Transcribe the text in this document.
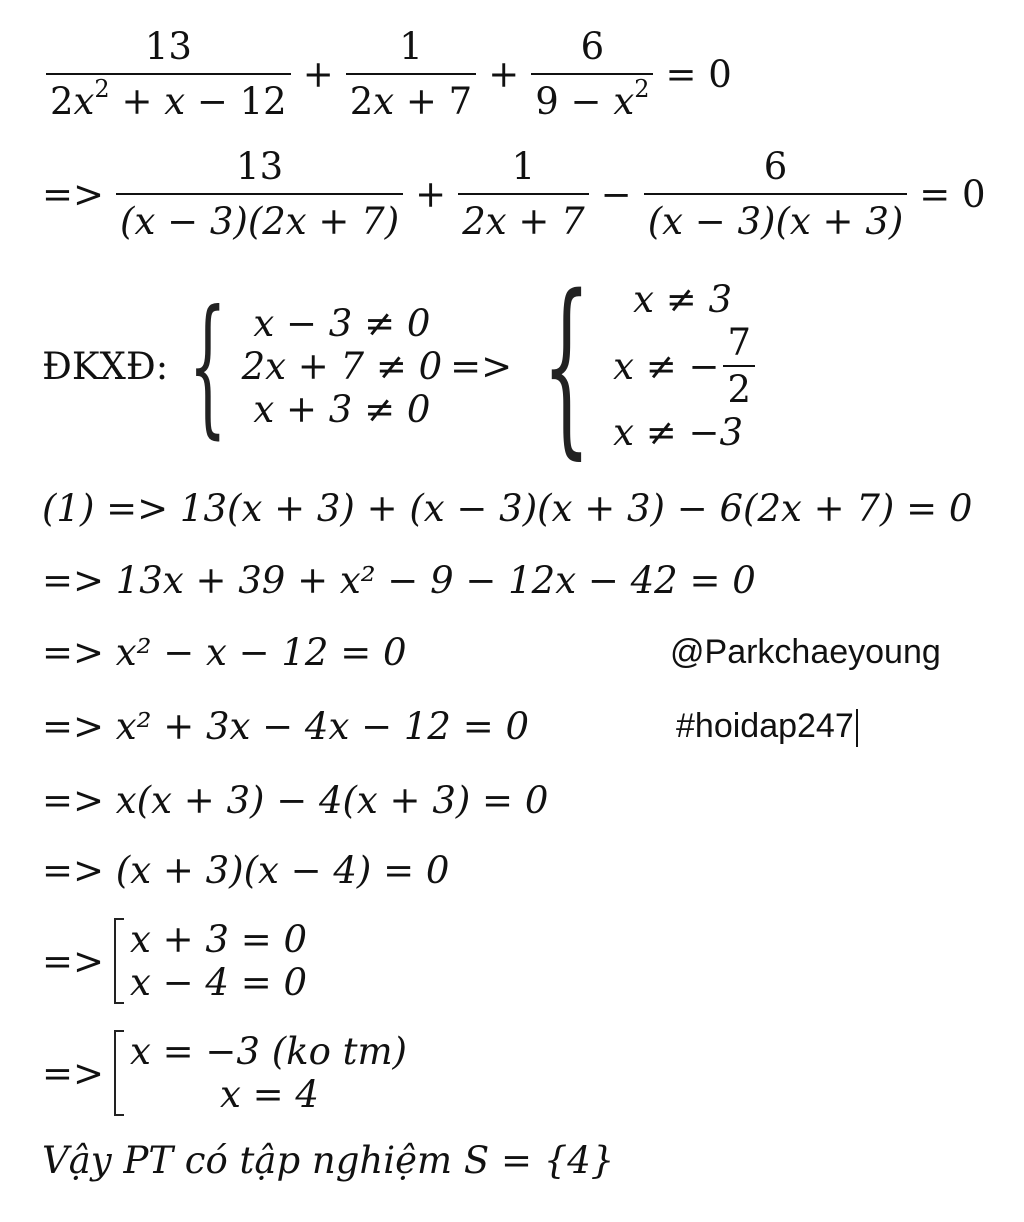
$\frac{13}{2x^2 + x - 12} + \frac{1}{2x + 7} + \frac{6}{9 - x^2} = 0$
=> $\frac{13}{(x - 3)(2x + 7)} + \frac{1}{2x + 7} - \frac{6}{(x - 3)(x + 3)} = 0$
ĐKXĐ: { x − 3 ≠ 0
2x + 7 ≠ 0
x + 3 ≠ 0
=> {	x ≠ 3
x ≠ − $\frac{7}{2}$
x ≠ −3
(1) => 13(x + 3) + (x − 3)(x + 3) − 6(2x + 7) = 0
=> 13x + 39 + x² − 9 − 12x − 42 = 0
=> x² − x − 12 = 0
=> x² + 3x − 4x − 12 = 0
=> x(x + 3) − 4(x + 3) = 0
=> (x + 3)(x − 4) = 0
=> x + 3 = 0
x − 4 = 0
=> x = −3 (ko tm)
x = 4
Vậy PT có tập nghiệm S = {4}
@Parkchaeyoung
#hoidap247
